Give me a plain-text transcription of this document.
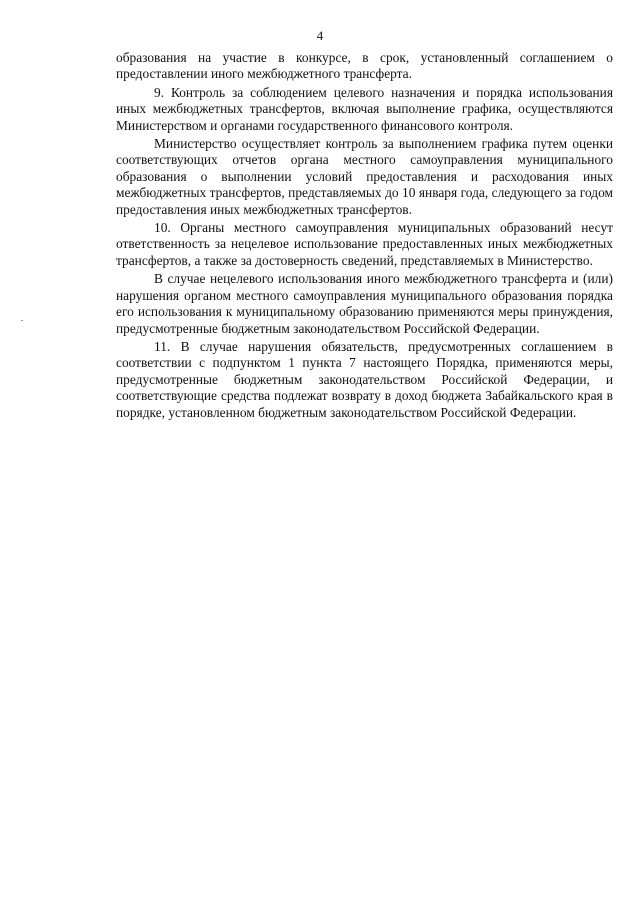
4

образования на участие в конкурсе, в срок, установленный соглашением о предоставлении иного межбюджетного трансферта.

9. Контроль за соблюдением целевого назначения и порядка использования иных межбюджетных трансфертов, включая выполнение графика, осуществляются Министерством и органами государственного финансового контроля.

Министерство осуществляет контроль за выполнением графика путем оценки соответствующих отчетов органа местного самоуправления муниципального образования о выполнении условий предоставления и расходования иных межбюджетных трансфертов, представляемых до 10 января года, следующего за годом предоставления иных межбюджетных трансфертов.

10. Органы местного самоуправления муниципальных образований несут ответственность за нецелевое использование предоставленных иных межбюджетных трансфертов, а также за достоверность сведений, представляемых в Министерство.

В случае нецелевого использования иного межбюджетного трансферта и (или) нарушения органом местного самоуправления муниципального образования порядка его использования к муниципальному образованию применяются меры принуждения, предусмотренные бюджетным законодательством Российской Федерации.

11. В случае нарушения обязательств, предусмотренных соглашением в соответствии с подпунктом 1 пункта 7 настоящего Порядка, применяются меры, предусмотренные бюджетным законодательством Российской Федерации, и соответствующие средства подлежат возврату в доход бюджета Забайкальского края в порядке, установленном бюджетным законодательством Российской Федерации.
